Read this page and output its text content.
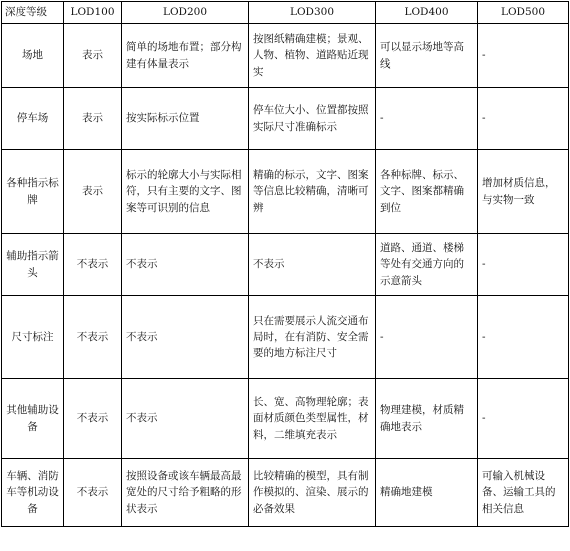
深度等级	LOD100	LOD200	LOD300	LOD400	LOD500
场地	表示	简单的场地布置；部分构建有体量表示	按图纸精确建模；景观、人物、植物、道路贴近现实	可以显示场地等高线	-
停车场	表示	按实际标示位置	停车位大小、位置都按照实际尺寸准确标示	-	-
各种指示标牌	表示	标示的轮廓大小与实际相符，只有主要的文字、图案等可识别的信息	精确的标示，文字、图案等信息比较精确，清晰可辨	各种标牌、标示、文字、图案都精确到位	增加材质信息，与实物一致
辅助指示箭头	不表示	不表示	不表示	道路、通道、楼梯等处有交通方向的示意箭头	-
尺寸标注	不表示	不表示	只在需要展示人流交通布局时，在有消防、安全需要的地方标注尺寸	-	-
其他辅助设备	不表示	不表示	长、宽、高物理轮廓；表面材质颜色类型属性，材料，二维填充表示	物理建模，材质精确地表示	-
车辆、消防车等机动设备	不表示	按照设备或该车辆最高最宽处的尺寸给予粗略的形状表示	比较精确的模型，具有制作模拟的、渲染、展示的必备效果	精确地建模	可输入机械设备、运输工具的相关信息
